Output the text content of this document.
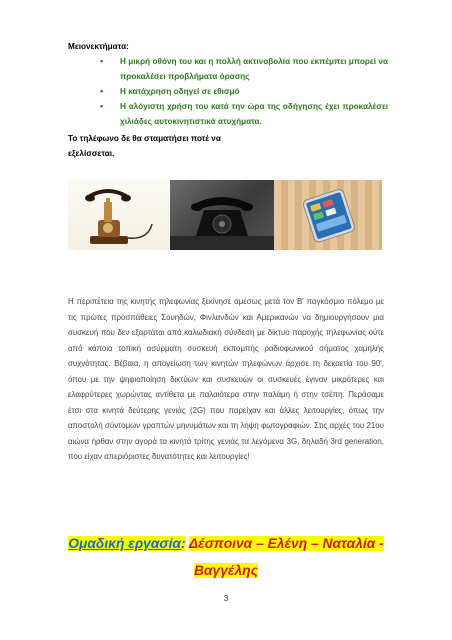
Μειονεκτήματα:
• Η μικρή οθόνη του και η πολλή ακτινοβολία που εκπέμπει μπορεί να προκαλέσει προβλήματα όρασης
• Η κατάχρηση οδηγεί σε εθισμό
• Η αλόγιστη χρήση του κατά την ώρα της οδήγησης έχει προκαλέσει χιλιάδες αυτοκινητιστικά ατυχήματα.
Το τηλέφωνο δε θα σταματήσει ποτέ να εξελίσσεται.
Η περιπέτεια της κινητής τηλεφωνίας ξεκίνησε αμέσως μετά τον Β' παγκόσμιο πόλεμο με τις πρώτες προσπάθειες Σουηδών, Φινλανδών και Αμερικανών να δημιουργήσουν μια συσκευή που δεν εξαρτάται από καλωδιακή σύνδεση με δίκτυο παροχής τηλεφωνίας ούτε από κάποια τοπική ασύρματη συσκευή εκπομπής ραδιοφωνικού σήματος χαμηλής συχνότητας. Βέβαια, η απογείωση των κινητών τηλεφώνων άρχισε τη δεκαετία του 90', όπου με την ψηφιοποίηση δικτύων και συσκευών οι συσκευές έγιναν μικρότερες και ελαφρύτερες χωρώντας αντίθετα με παλαιότερα στην παλάμη ή στην τσέπη. Περάσαμε έτσι στα κινητά δεύτερης γενιάς (2G) που παρείχαν και άλλες λειτουργίες, όπως την αποστολή σύντομων γραπτών μηνυμάτων και τη λήψη φωτογραφιών. Στις αρχές του 21ου αιώνα ήρθαν στην αγορά τα κινητά τρίτης γενιάς τα λεγόμενα 3G, δηλαδή 3rd generation, που είχαν απεριόριστες δυνατότητες και λειτουργίες!
Ομαδική εργασία: Δέσποινα – Ελένη – Ναταλία - Βαγγέλης
3
